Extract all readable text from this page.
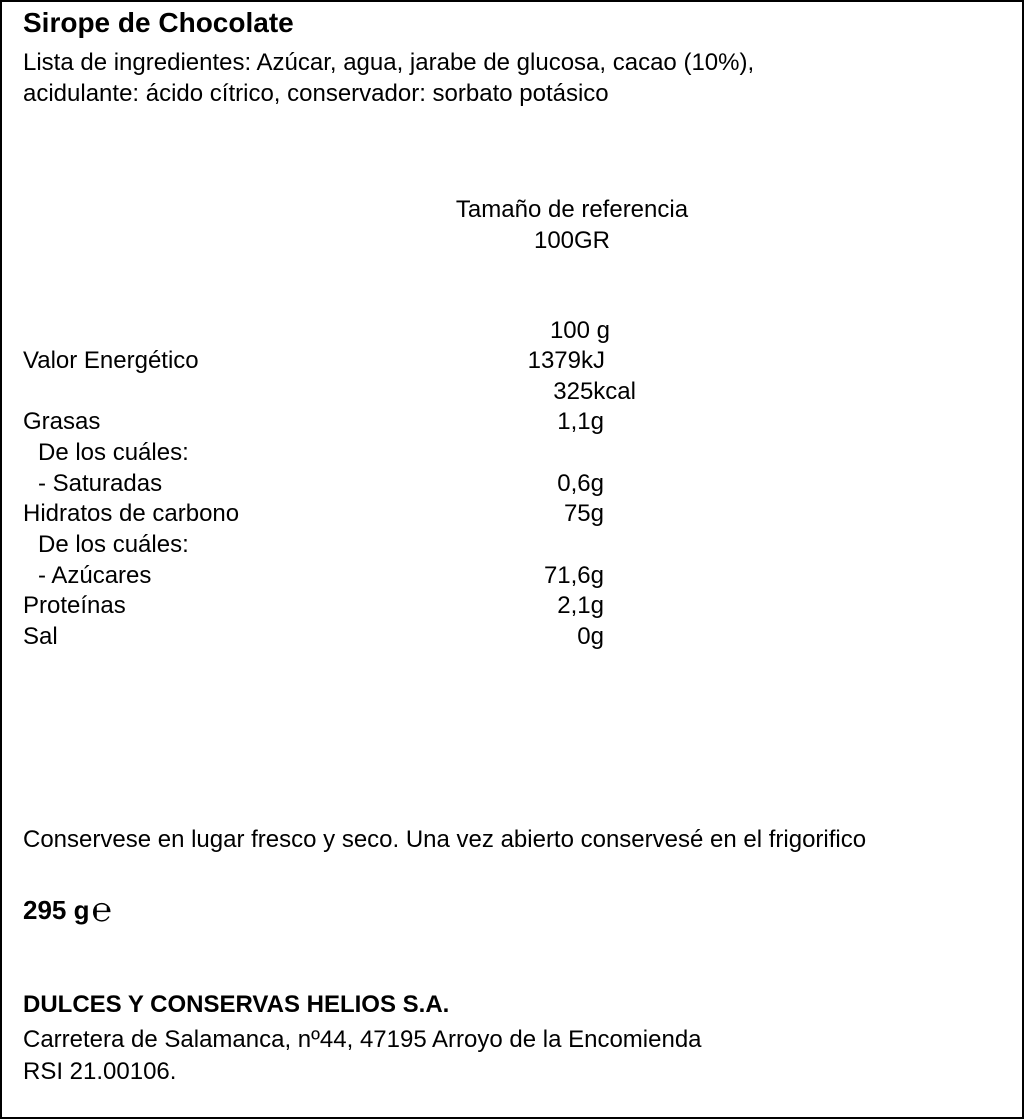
Sirope de Chocolate
Lista de ingredientes: Azúcar, agua, jarabe de glucosa, cacao (10%),
acidulante: ácido cítrico, conservador: sorbato potásico
Tamaño de referencia
100GR
100 g
Valor Energético	1379kJ
325kcal
Grasas	1,1g
De los cuáles:
- Saturadas	0,6g
Hidratos de carbono	75g
De los cuáles:
- Azúcares	71,6g
Proteínas	2,1g
Sal	0g
Conservese en lugar fresco y seco. Una vez abierto conservesé en el frigorifico
295 g℮
DULCES Y CONSERVAS HELIOS S.A.
Carretera de Salamanca, nº44, 47195 Arroyo de la Encomienda
RSI 21.00106.
